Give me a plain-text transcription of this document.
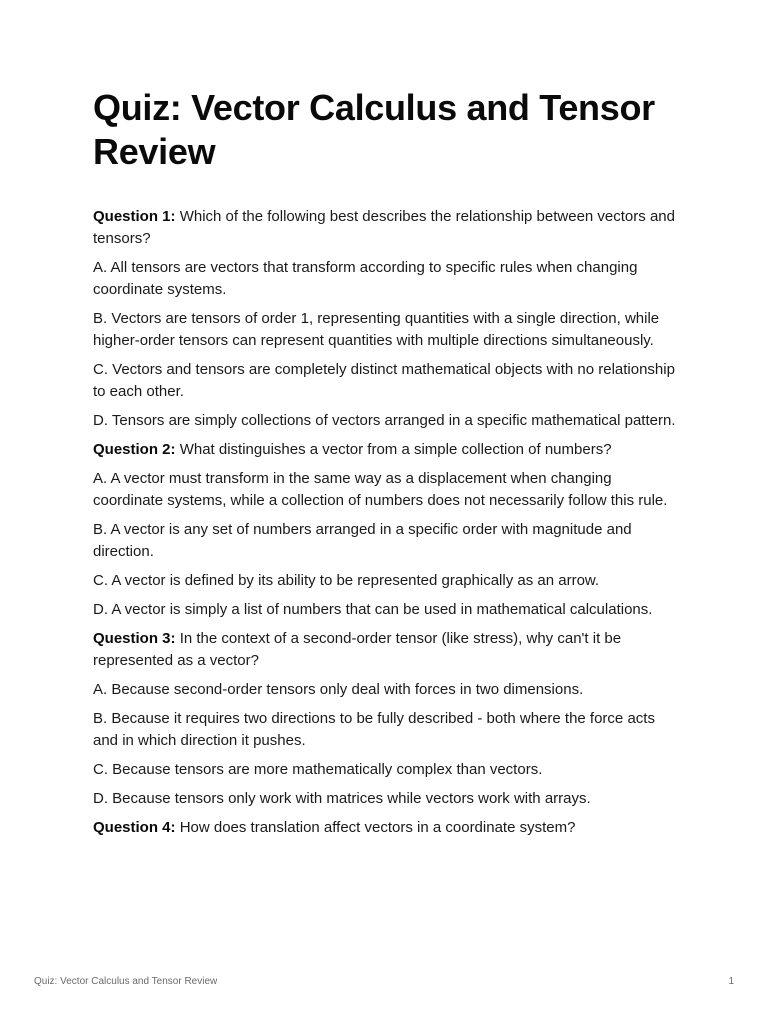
Quiz: Vector Calculus and Tensor Review

Question 1: Which of the following best describes the relationship between vectors and tensors?

A. All tensors are vectors that transform according to specific rules when changing coordinate systems.

B. Vectors are tensors of order 1, representing quantities with a single direction, while higher-order tensors can represent quantities with multiple directions simultaneously.

C. Vectors and tensors are completely distinct mathematical objects with no relationship to each other.

D. Tensors are simply collections of vectors arranged in a specific mathematical pattern.

Question 2: What distinguishes a vector from a simple collection of numbers?

A. A vector must transform in the same way as a displacement when changing coordinate systems, while a collection of numbers does not necessarily follow this rule.

B. A vector is any set of numbers arranged in a specific order with magnitude and direction.

C. A vector is defined by its ability to be represented graphically as an arrow.

D. A vector is simply a list of numbers that can be used in mathematical calculations.

Question 3: In the context of a second-order tensor (like stress), why can't it be represented as a vector?

A. Because second-order tensors only deal with forces in two dimensions.

B. Because it requires two directions to be fully described - both where the force acts and in which direction it pushes.

C. Because tensors are more mathematically complex than vectors.

D. Because tensors only work with matrices while vectors work with arrays.

Question 4: How does translation affect vectors in a coordinate system?

Quiz: Vector Calculus and Tensor Review	1
